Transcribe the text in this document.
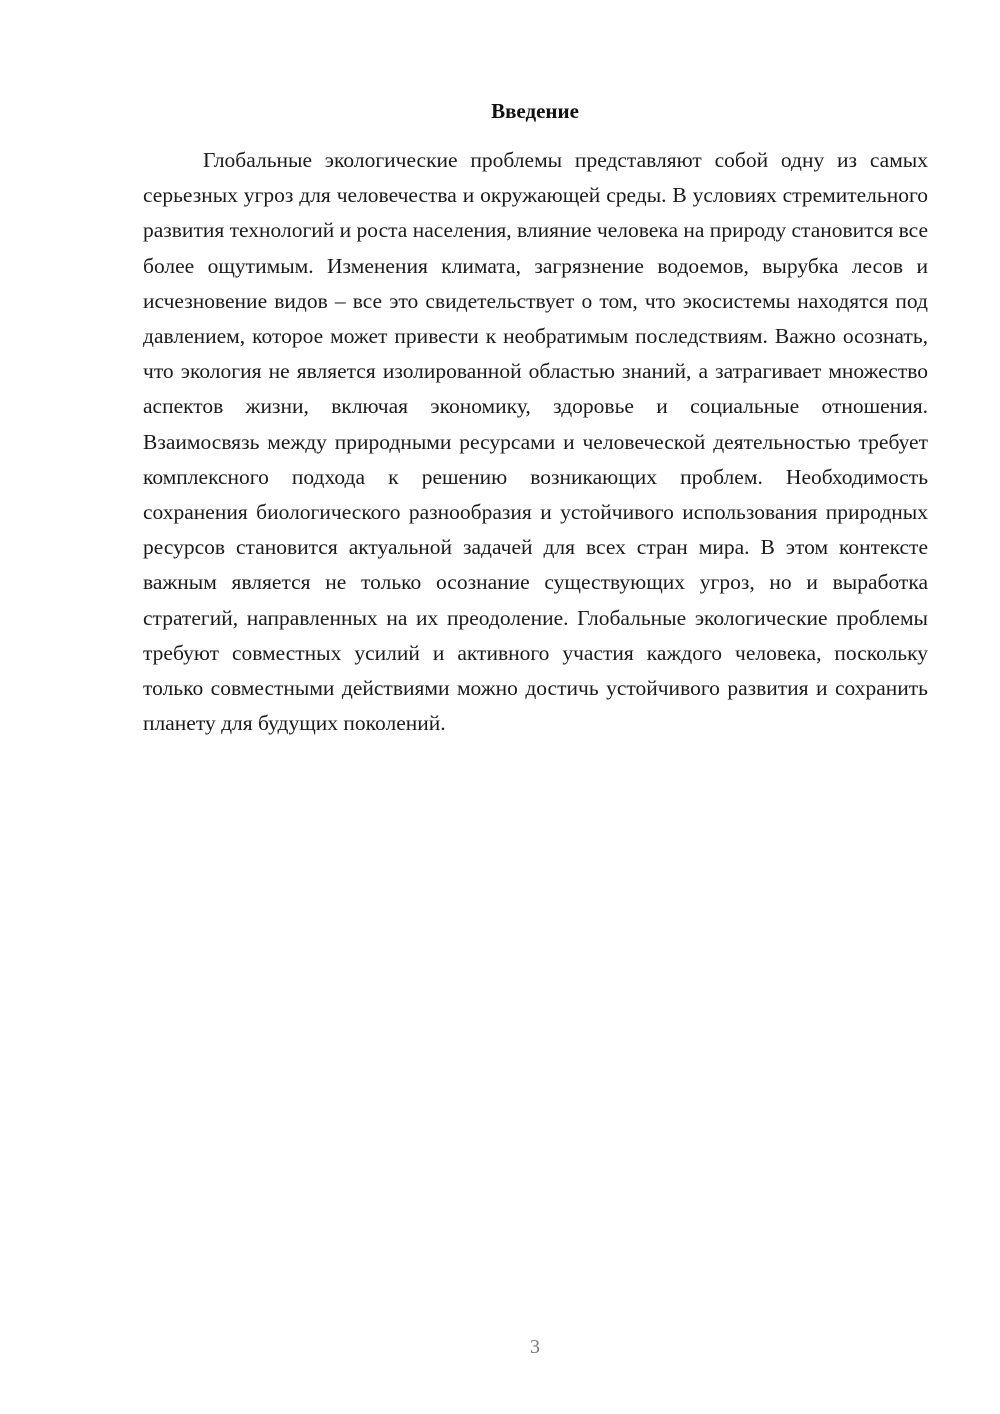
Введение

Глобальные экологические проблемы представляют собой одну из самых серьезных угроз для человечества и окружающей среды. В условиях стремительного развития технологий и роста населения, влияние человека на природу становится все более ощутимым. Изменения климата, загрязнение водоемов, вырубка лесов и исчезновение видов – все это свидетельствует о том, что экосистемы находятся под давлением, которое может привести к необратимым последствиям. Важно осознать, что экология не является изолированной областью знаний, а затрагивает множество аспектов жизни, включая экономику, здоровье и социальные отношения. Взаимосвязь между природными ресурсами и человеческой деятельностью требует комплексного подхода к решению возникающих проблем. Необходимость сохранения биологического разнообразия и устойчивого использования природных ресурсов становится актуальной задачей для всех стран мира. В этом контексте важным является не только осознание существующих угроз, но и выработка стратегий, направленных на их преодоление. Глобальные экологические проблемы требуют совместных усилий и активного участия каждого человека, поскольку только совместными действиями можно достичь устойчивого развития и сохранить планету для будущих поколений.

3
